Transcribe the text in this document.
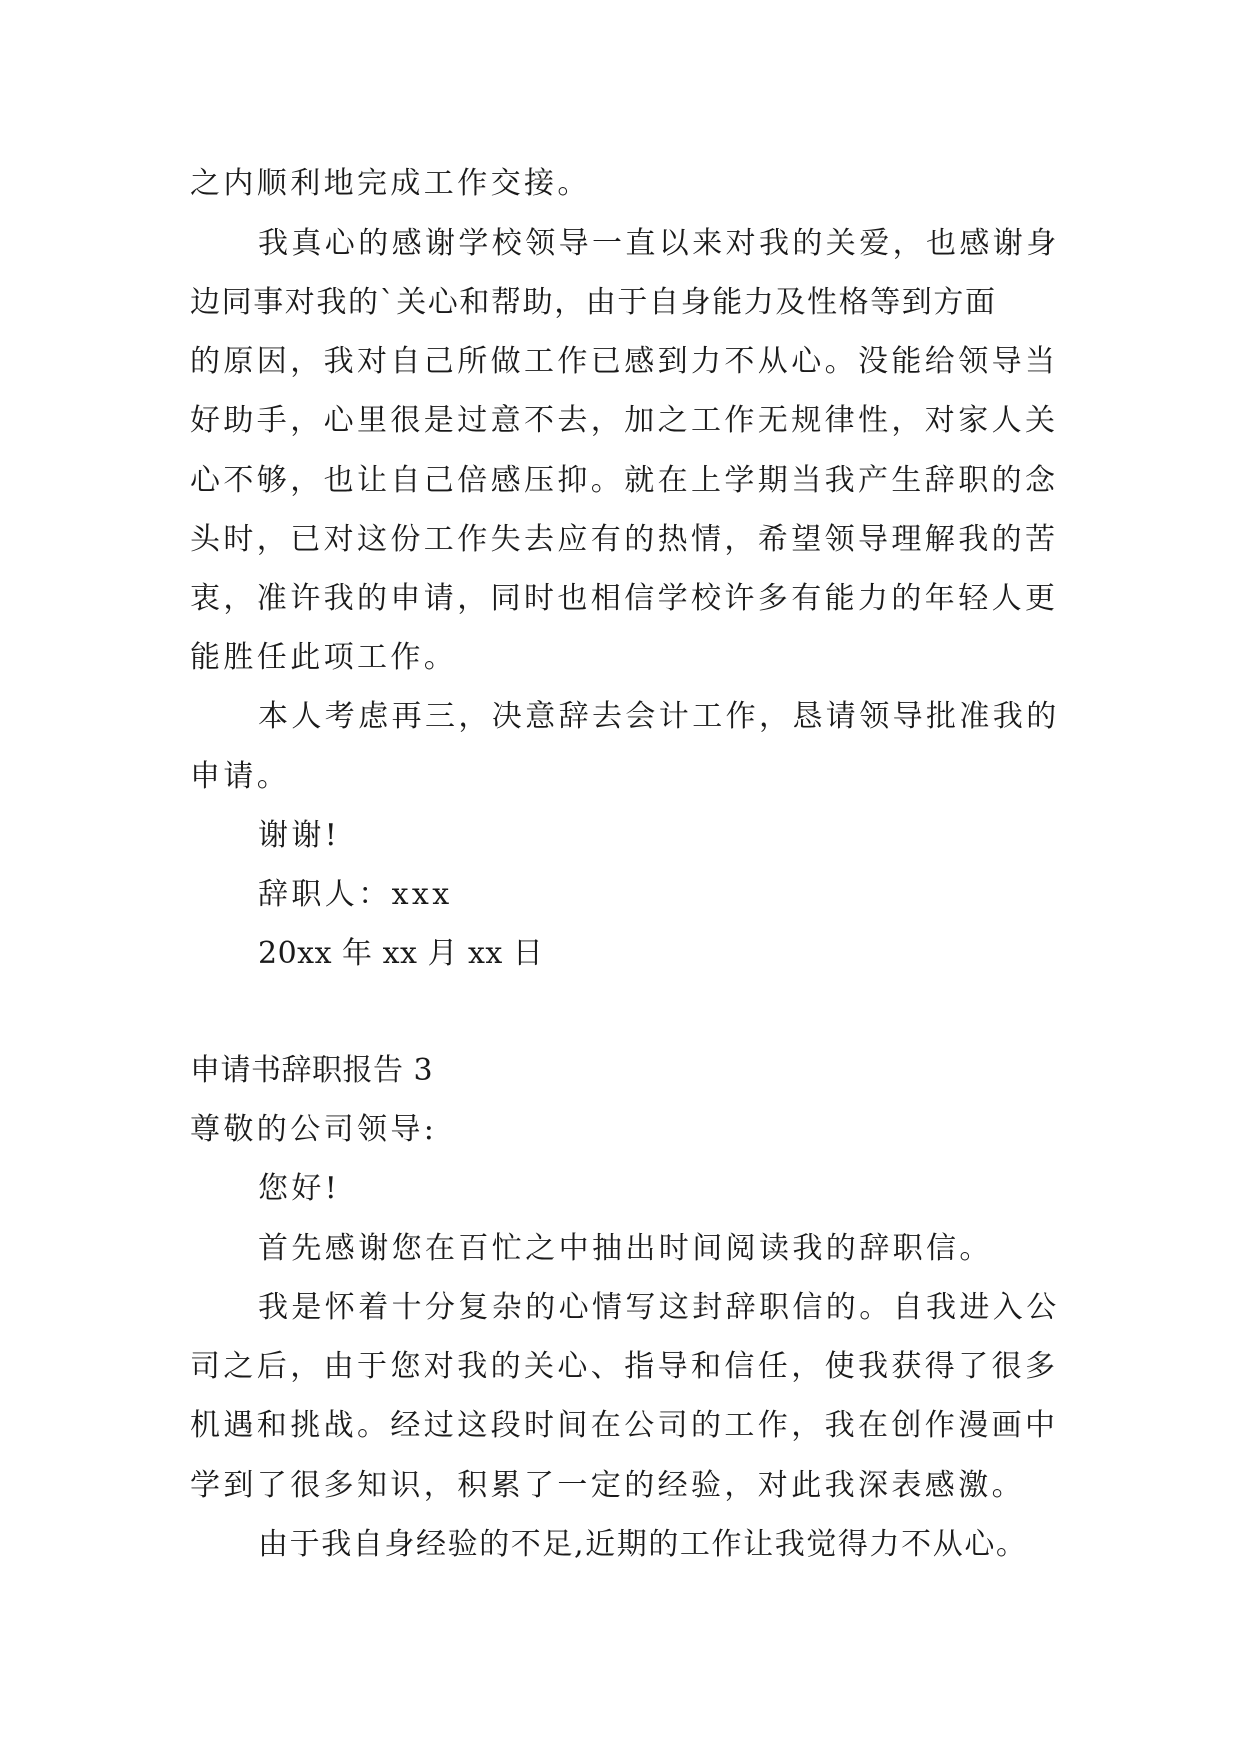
之内顺利地完成工作交接。
我真心的感谢学校领导一直以来对我的关爱，也感谢身
边同事对我的`关心和帮助，由于自身能力及性格等到方面
的原因，我对自己所做工作已感到力不从心。没能给领导当
好助手，心里很是过意不去，加之工作无规律性，对家人关
心不够，也让自己倍感压抑。就在上学期当我产生辞职的念
头时，已对这份工作失去应有的热情，希望领导理解我的苦
衷，准许我的申请，同时也相信学校许多有能力的年轻人更
能胜任此项工作。
本人考虑再三，决意辞去会计工作，恳请领导批准我的
申请。
谢谢!
辞职人：xxx
20xx 年 xx 月 xx 日
申请书辞职报告 3
尊敬的公司领导:
您好!
首先感谢您在百忙之中抽出时间阅读我的辞职信。
我是怀着十分复杂的心情写这封辞职信的。自我进入公
司之后，由于您对我的关心、指导和信任，使我获得了很多
机遇和挑战。经过这段时间在公司的工作，我在创作漫画中
学到了很多知识，积累了一定的经验，对此我深表感激。
由于我自身经验的不足,近期的工作让我觉得力不从心。
